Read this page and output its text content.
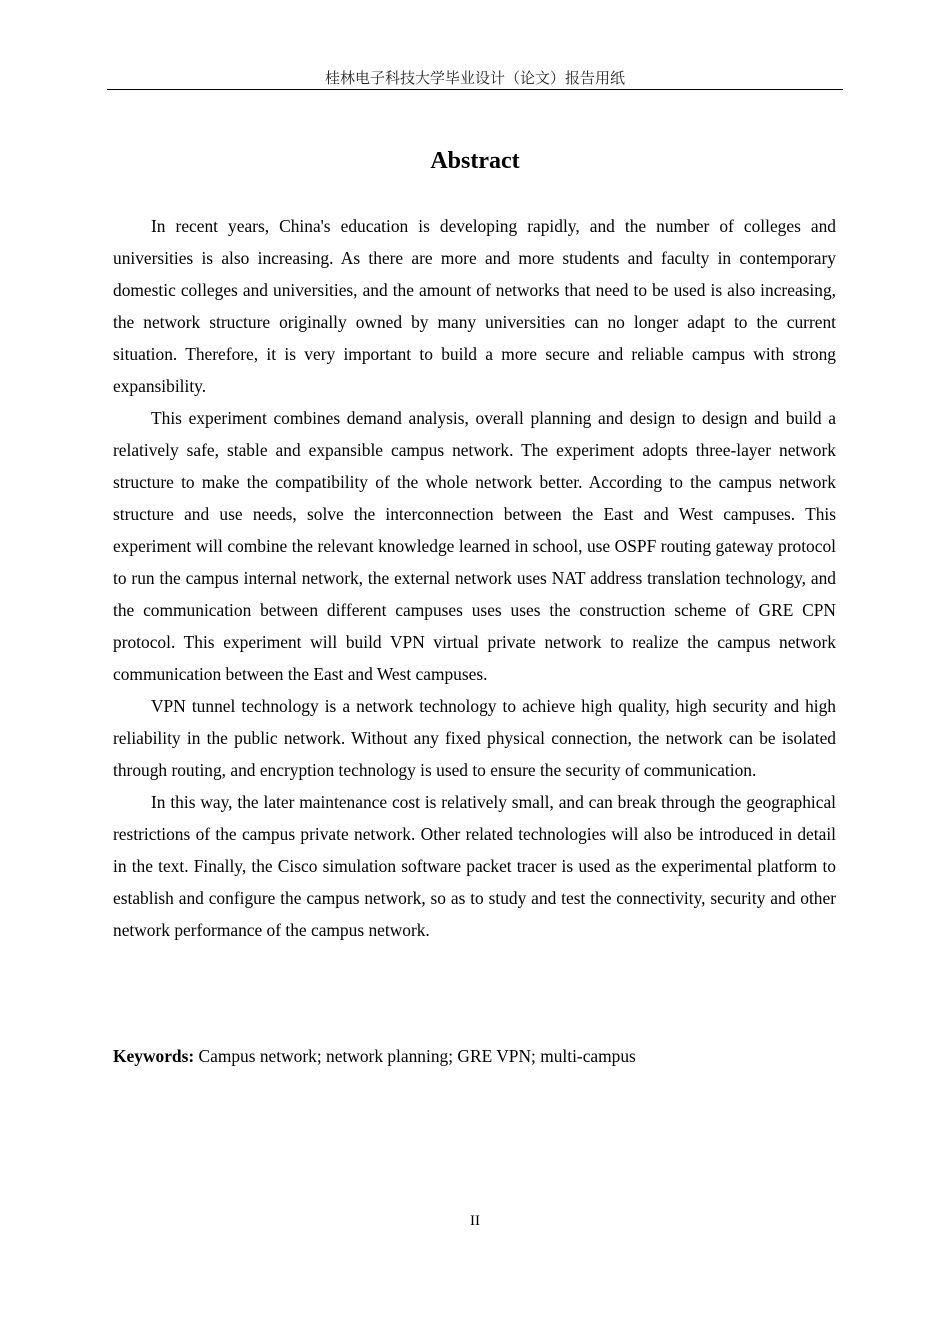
桂林电子科技大学毕业设计（论文）报告用纸
Abstract

In recent years, China's education is developing rapidly, and the number of colleges and universities is also increasing. As there are more and more students and faculty in contemporary domestic colleges and universities, and the amount of networks that need to be used is also increasing, the network structure originally owned by many universities can no longer adapt to the current situation. Therefore, it is very important to build a more secure and reliable campus with strong expansibility.

This experiment combines demand analysis, overall planning and design to design and build a relatively safe, stable and expansible campus network. The experiment adopts three-layer network structure to make the compatibility of the whole network better. According to the campus network structure and use needs, solve the interconnection between the East and West campuses. This experiment will combine the relevant knowledge learned in school, use OSPF routing gateway protocol to run the campus internal network, the external network uses NAT address translation technology, and the communication between different campuses uses uses the construction scheme of GRE CPN protocol. This experiment will build VPN virtual private network to realize the campus network communication between the East and West campuses.

VPN tunnel technology is a network technology to achieve high quality, high security and high reliability in the public network. Without any fixed physical connection, the network can be isolated through routing, and encryption technology is used to ensure the security of communication.

In this way, the later maintenance cost is relatively small, and can break through the geographical restrictions of the campus private network. Other related technologies will also be introduced in detail in the text. Finally, the Cisco simulation software packet tracer is used as the experimental platform to establish and configure the campus network, so as to study and test the connectivity, security and other network performance of the campus network.

Keywords: Campus network; network planning; GRE VPN; multi-campus
II
